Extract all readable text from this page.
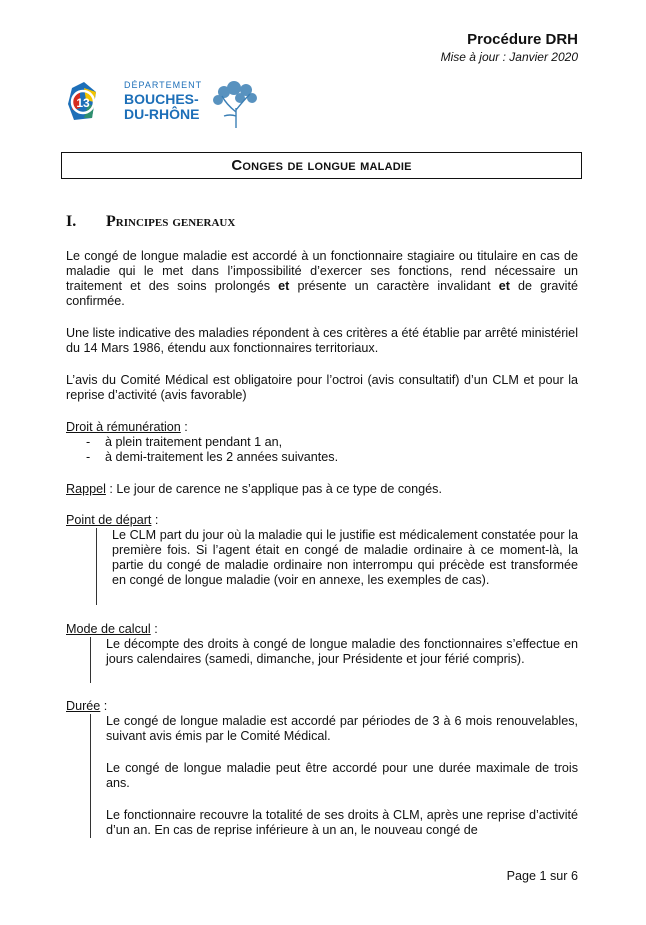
Procédure DRH
Mise à jour : Janvier 2020
13
DÉPARTEMENT
BOUCHES-
DU-RHÔNE
Conges de longue maladie
I. Principes generaux

Le congé de longue maladie est accordé à un fonctionnaire stagiaire ou titulaire en cas de maladie qui le met dans l’impossibilité d’exercer ses fonctions, rend nécessaire un traitement et des soins prolongés et présente un caractère invalidant et de gravité confirmée.

Une liste indicative des maladies répondent à ces critères a été établie par arrêté ministériel du 14 Mars 1986, étendu aux fonctionnaires territoriaux.

L’avis du Comité Médical est obligatoire pour l’octroi (avis consultatif) d’un CLM et pour la reprise d’activité (avis favorable)

Droit à rémunération :

- à plein traitement pendant 1 an,
- à demi-traitement les 2 années suivantes.

Rappel : Le jour de carence ne s’applique pas à ce type de congés.

Point de départ :

Le CLM part du jour où la maladie qui le justifie est médicalement constatée pour la première fois. Si l’agent était en congé de maladie ordinaire à ce moment-là, la partie du congé de maladie ordinaire non interrompu qui précède est transformée en congé de longue maladie (voir en annexe, les exemples de cas).

Mode de calcul :

Le décompte des droits à congé de longue maladie des fonctionnaires s’effectue en jours calendaires (samedi, dimanche, jour Présidente et jour férié compris).

Durée :

Le congé de longue maladie est accordé par périodes de 3 à 6 mois renouvelables, suivant avis émis par le Comité Médical.

Le congé de longue maladie peut être accordé pour une durée maximale de trois ans.

Le fonctionnaire recouvre la totalité de ses droits à CLM, après une reprise d’activité d’un an. En cas de reprise inférieure à un an, le nouveau congé de

Page 1 sur 6
